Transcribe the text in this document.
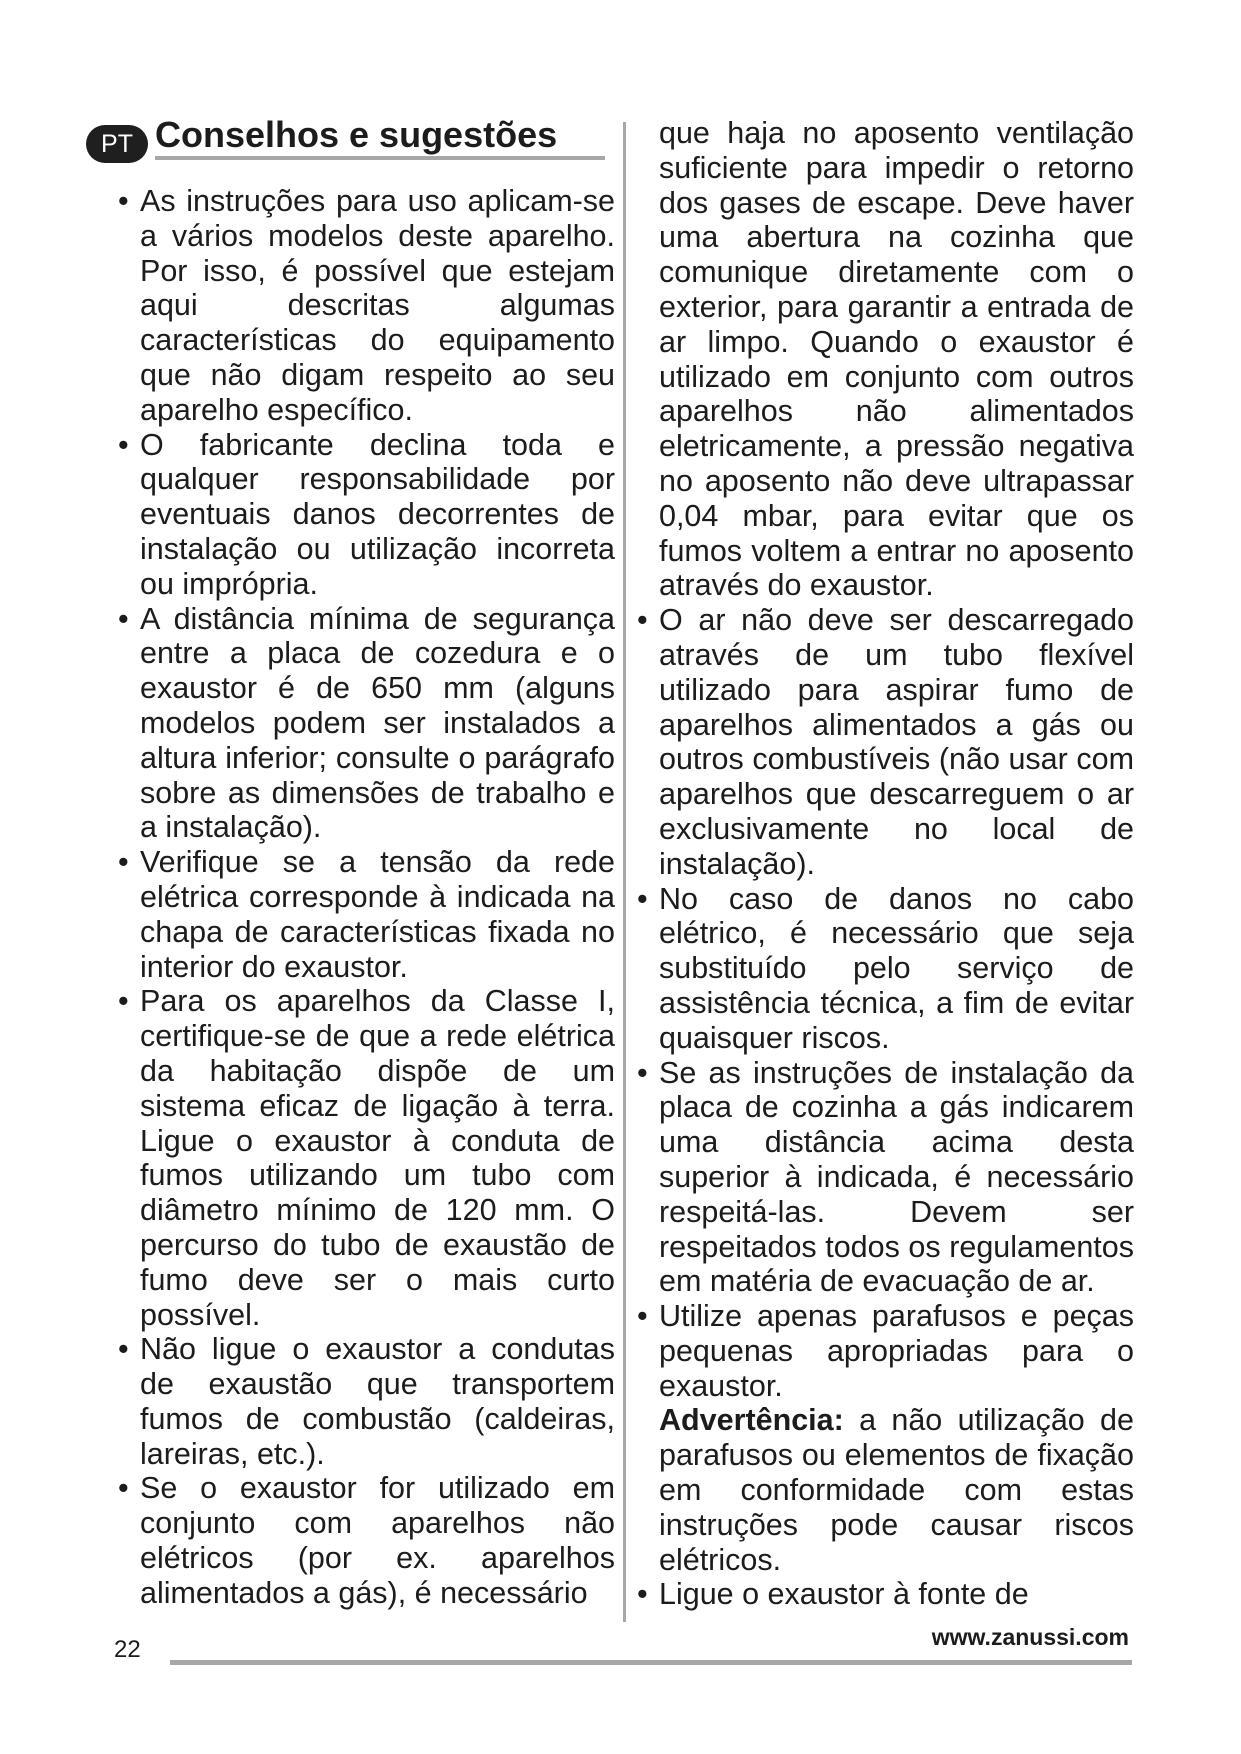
PT Conselhos e sugestões

• As instruções para uso aplicam-se a vários modelos deste aparelho. Por isso, é possível que estejam aqui descritas algumas características do equipamento que não digam respeito ao seu aparelho específico.

• O fabricante declina toda e qualquer responsabilidade por eventuais danos decorrentes de instalação ou utilização incorreta ou imprópria.

• A distância mínima de segurança entre a placa de cozedura e o exaustor é de 650 mm (alguns modelos podem ser instalados a altura inferior; consulte o parágrafo sobre as dimensões de trabalho e a instalação).

• Verifique se a tensão da rede elétrica corresponde à indicada na chapa de características fixada no interior do exaustor.

• Para os aparelhos da Classe I, certifique-se de que a rede elétrica da habitação dispõe de um sistema eficaz de ligação à terra. Ligue o exaustor à conduta de fumos utilizando um tubo com diâmetro mínimo de 120 mm. O percurso do tubo de exaustão de fumo deve ser o mais curto possível.

• Não ligue o exaustor a condutas de exaustão que transportem fumos de combustão (caldeiras, lareiras, etc.).

• Se o exaustor for utilizado em conjunto com aparelhos não elétricos (por ex. aparelhos alimentados a gás), é necessário

que haja no aposento ventilação suficiente para impedir o retorno dos gases de escape. Deve haver uma abertura na cozinha que comunique diretamente com o exterior, para garantir a entrada de ar limpo. Quando o exaustor é utilizado em conjunto com outros aparelhos não alimentados eletricamente, a pressão negativa no aposento não deve ultrapassar 0,04 mbar, para evitar que os fumos voltem a entrar no aposento através do exaustor.

• O ar não deve ser descarregado através de um tubo flexível utilizado para aspirar fumo de aparelhos alimentados a gás ou outros combustíveis (não usar com aparelhos que descarreguem o ar exclusivamente no local de instalação).

• No caso de danos no cabo elétrico, é necessário que seja substituído pelo serviço de assistência técnica, a fim de evitar quaisquer riscos.

• Se as instruções de instalação da placa de cozinha a gás indicarem uma distância acima desta superior à indicada, é necessário respeitá-las. Devem ser respeitados todos os regulamentos em matéria de evacuação de ar.

• Utilize apenas parafusos e peças pequenas apropriadas para o exaustor.

Advertência: a não utilização de parafusos ou elementos de fixação em conformidade com estas instruções pode causar riscos elétricos.

• Ligue o exaustor à fonte de

22	www.zanussi.com
